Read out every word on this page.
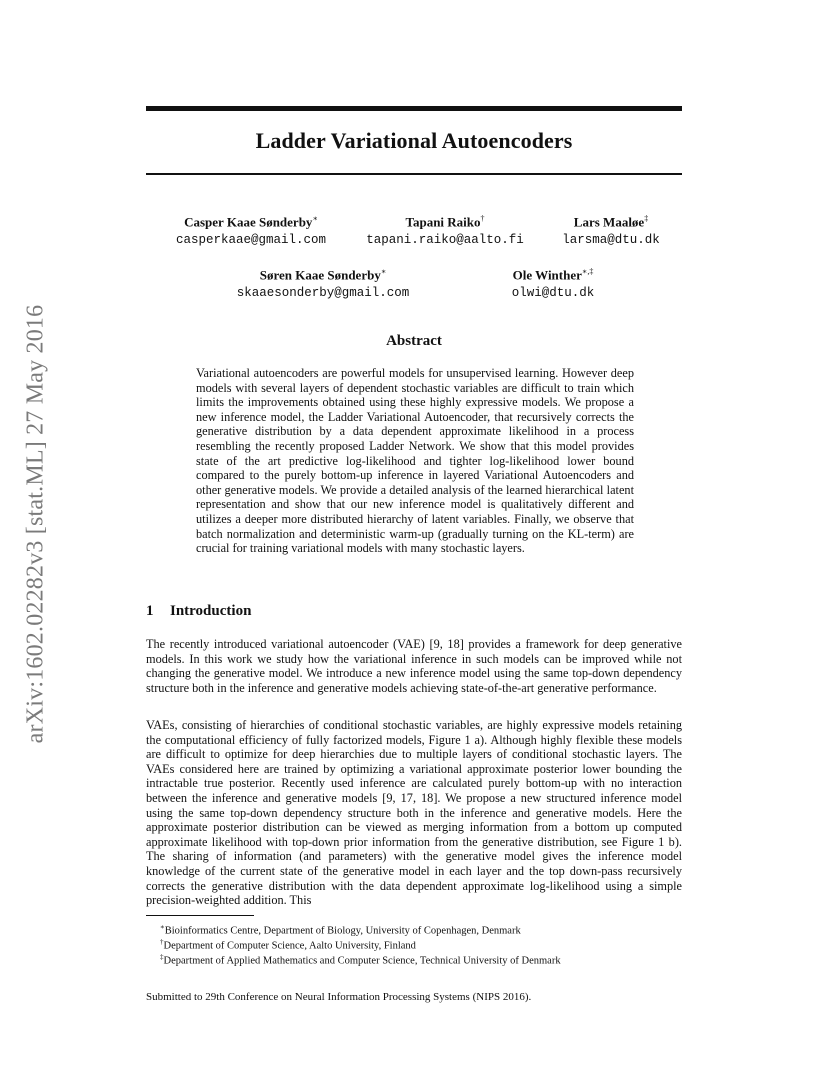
arXiv:1602.02282v3 [stat.ML] 27 May 2016
Ladder Variational Autoencoders
Casper Kaae Sønderby∗
casperkaae@gmail.com
Tapani Raiko†
tapani.raiko@aalto.fi
Lars Maaløe‡
larsma@dtu.dk
Søren Kaae Sønderby∗
skaaesonderby@gmail.com
Ole Winther∗,‡
olwi@dtu.dk
Abstract
Variational autoencoders are powerful models for unsupervised learning. However deep models with several layers of dependent stochastic variables are difficult to train which limits the improvements obtained using these highly expressive models. We propose a new inference model, the Ladder Variational Autoencoder, that recursively corrects the generative distribution by a data dependent approximate likelihood in a process resembling the recently proposed Ladder Network. We show that this model provides state of the art predictive log-likelihood and tighter log-likelihood lower bound compared to the purely bottom-up inference in layered Variational Autoencoders and other generative models. We provide a detailed analysis of the learned hierarchical latent representation and show that our new inference model is qualitatively different and utilizes a deeper more distributed hierarchy of latent variables. Finally, we observe that batch normalization and deterministic warm-up (gradually turning on the KL-term) are crucial for training variational models with many stochastic layers.
1 Introduction
The recently introduced variational autoencoder (VAE) [9, 18] provides a framework for deep generative models. In this work we study how the variational inference in such models can be improved while not changing the generative model. We introduce a new inference model using the same top-down dependency structure both in the inference and generative models achieving state-of-the-art generative performance.
VAEs, consisting of hierarchies of conditional stochastic variables, are highly expressive models retaining the computational efficiency of fully factorized models, Figure 1 a). Although highly flexible these models are difficult to optimize for deep hierarchies due to multiple layers of conditional stochastic layers. The VAEs considered here are trained by optimizing a variational approximate posterior lower bounding the intractable true posterior. Recently used inference are calculated purely bottom-up with no interaction between the inference and generative models [9, 17, 18]. We propose a new structured inference model using the same top-down dependency structure both in the inference and generative models. Here the approximate posterior distribution can be viewed as merging information from a bottom up computed approximate likelihood with top-down prior information from the generative distribution, see Figure 1 b). The sharing of information (and parameters) with the generative model gives the inference model knowledge of the current state of the generative model in each layer and the top down-pass recursively corrects the generative distribution with the data dependent approximate log-likelihood using a simple precision-weighted addition. This
∗Bioinformatics Centre, Department of Biology, University of Copenhagen, Denmark
†Department of Computer Science, Aalto University, Finland
‡Department of Applied Mathematics and Computer Science, Technical University of Denmark
Submitted to 29th Conference on Neural Information Processing Systems (NIPS 2016).
